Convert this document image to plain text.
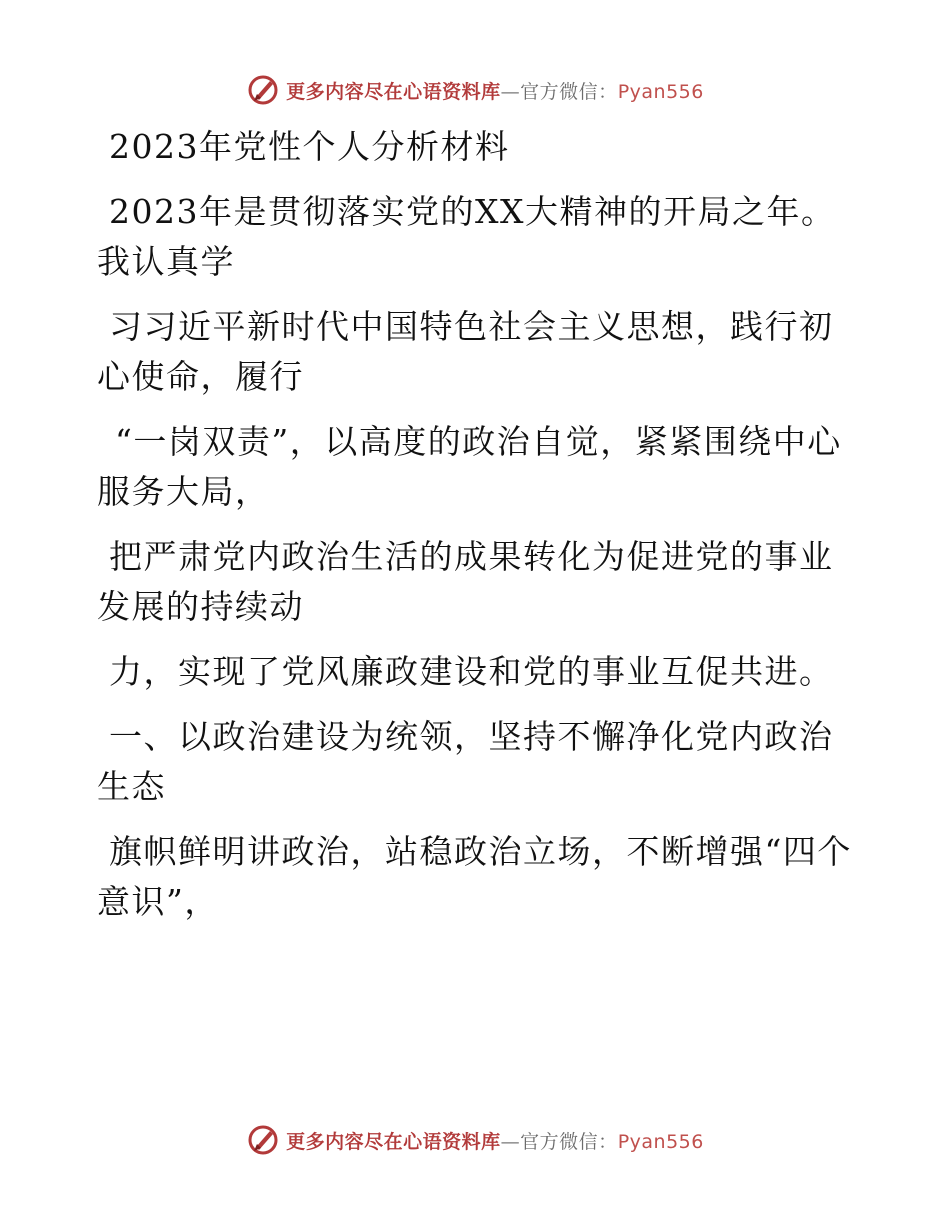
更多内容尽在心语资料库—官方微信：Pyan556

2023年党性个人分析材料

2023年是贯彻落实党的XX大精神的开局之年。我认真学

习习近平新时代中国特色社会主义思想，践行初心使命，履行

“一岗双责”，以高度的政治自觉，紧紧围绕中心服务大局，

把严肃党内政治生活的成果转化为促进党的事业发展的持续动

力，实现了党风廉政建设和党的事业互促共进。

一、以政治建设为统领，坚持不懈净化党内政治生态

旗帜鲜明讲政治，站稳政治立场，不断增强“四个意识”，

更多内容尽在心语资料库—官方微信：Pyan556
